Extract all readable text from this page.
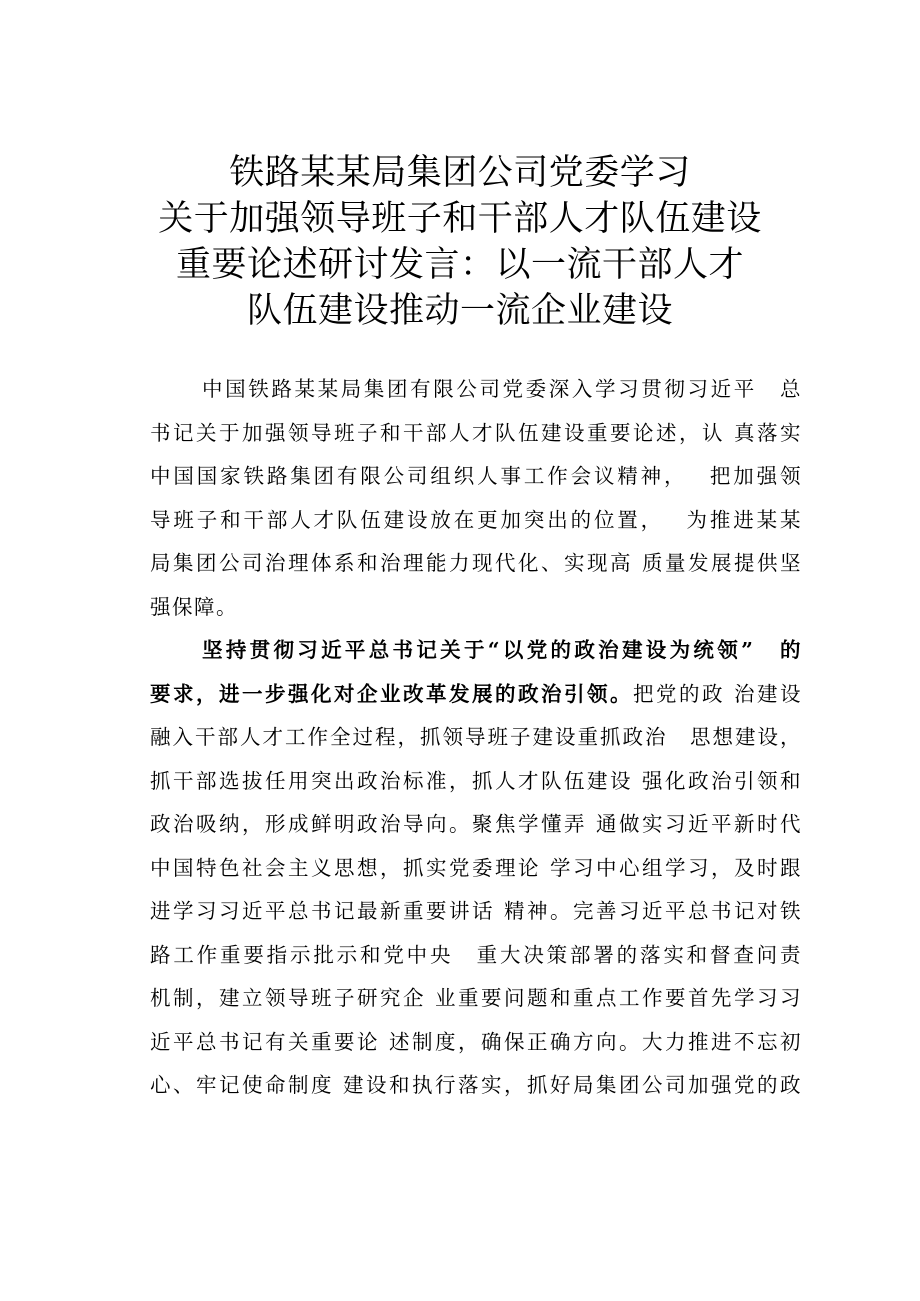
铁路某某局集团公司党委学习
关于加强领导班子和干部人才队伍建设
重要论述研讨发言：以一流干部人才
队伍建设推动一流企业建设
中国铁路某某局集团有限公司党委深入学习贯彻习近平　总
书记关于加强领导班子和干部人才队伍建设重要论述，认 真落实
中国国家铁路集团有限公司组织人事工作会议精神，　 把加强领
导班子和干部人才队伍建设放在更加突出的位置，　 为推进某某
局集团公司治理体系和治理能力现代化、实现高 质量发展提供坚
强保障。
坚持贯彻习近平总书记关于“以党的政治建设为统领”　的
要求，进一步强化对企业改革发展的政治引领。把党的政 治建设
融入干部人才工作全过程，抓领导班子建设重抓政治　思想建设，
抓干部选拔任用突出政治标准，抓人才队伍建设 强化政治引领和
政治吸纳，形成鲜明政治导向。聚焦学懂弄 通做实习近平新时代
中国特色社会主义思想，抓实党委理论 学习中心组学习，及时跟
进学习习近平总书记最新重要讲话 精神。完善习近平总书记对铁
路工作重要指示批示和党中央　重大决策部署的落实和督查问责
机制，建立领导班子研究企 业重要问题和重点工作要首先学习习
近平总书记有关重要论 述制度，确保正确方向。大力推进不忘初
心、牢记使命制度 建设和执行落实，抓好局集团公司加强党的政
